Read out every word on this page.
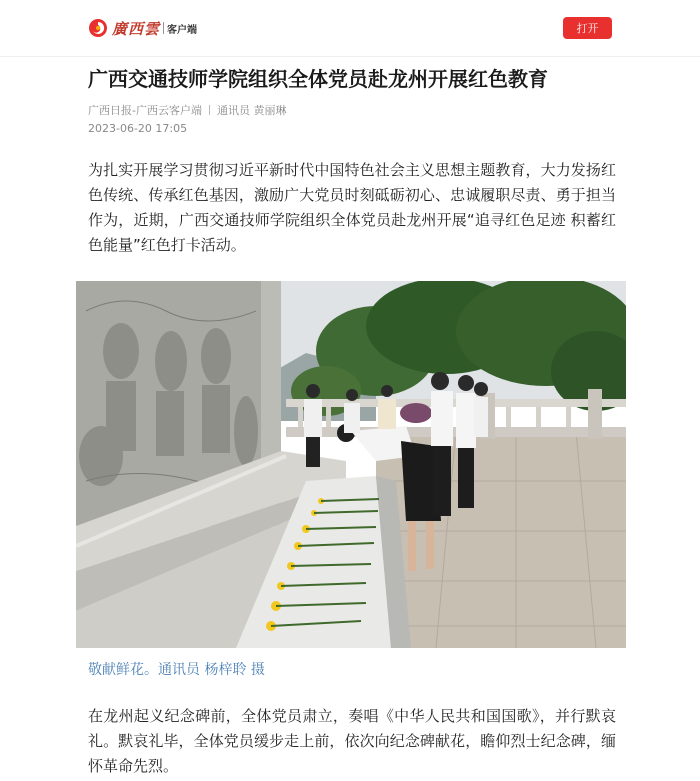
廣西雲 客户端	打开
广西交通技师学院组织全体党员赴龙州开展红色教育
广西日报-广西云客户端 通讯员 黄丽琳
2023-06-20 17:05

为扎实开展学习贯彻习近平新时代中国特色社会主义思想主题教育，大力发扬红色传统、传承红色基因，激励广大党员时刻砥砺初心、忠诚履职尽责、勇于担当作为，近期，广西交通技师学院组织全体党员赴龙州开展“追寻红色足迹 积蓄红色能量”红色打卡活动。

敬献鲜花。通讯员 杨梓聆 摄

在龙州起义纪念碑前，全体党员肃立，奏唱《中华人民共和国国歌》，并行默哀礼。默哀礼毕，全体党员缓步走上前，依次向纪念碑献花，瞻仰烈士纪念碑，缅怀革命先烈。
